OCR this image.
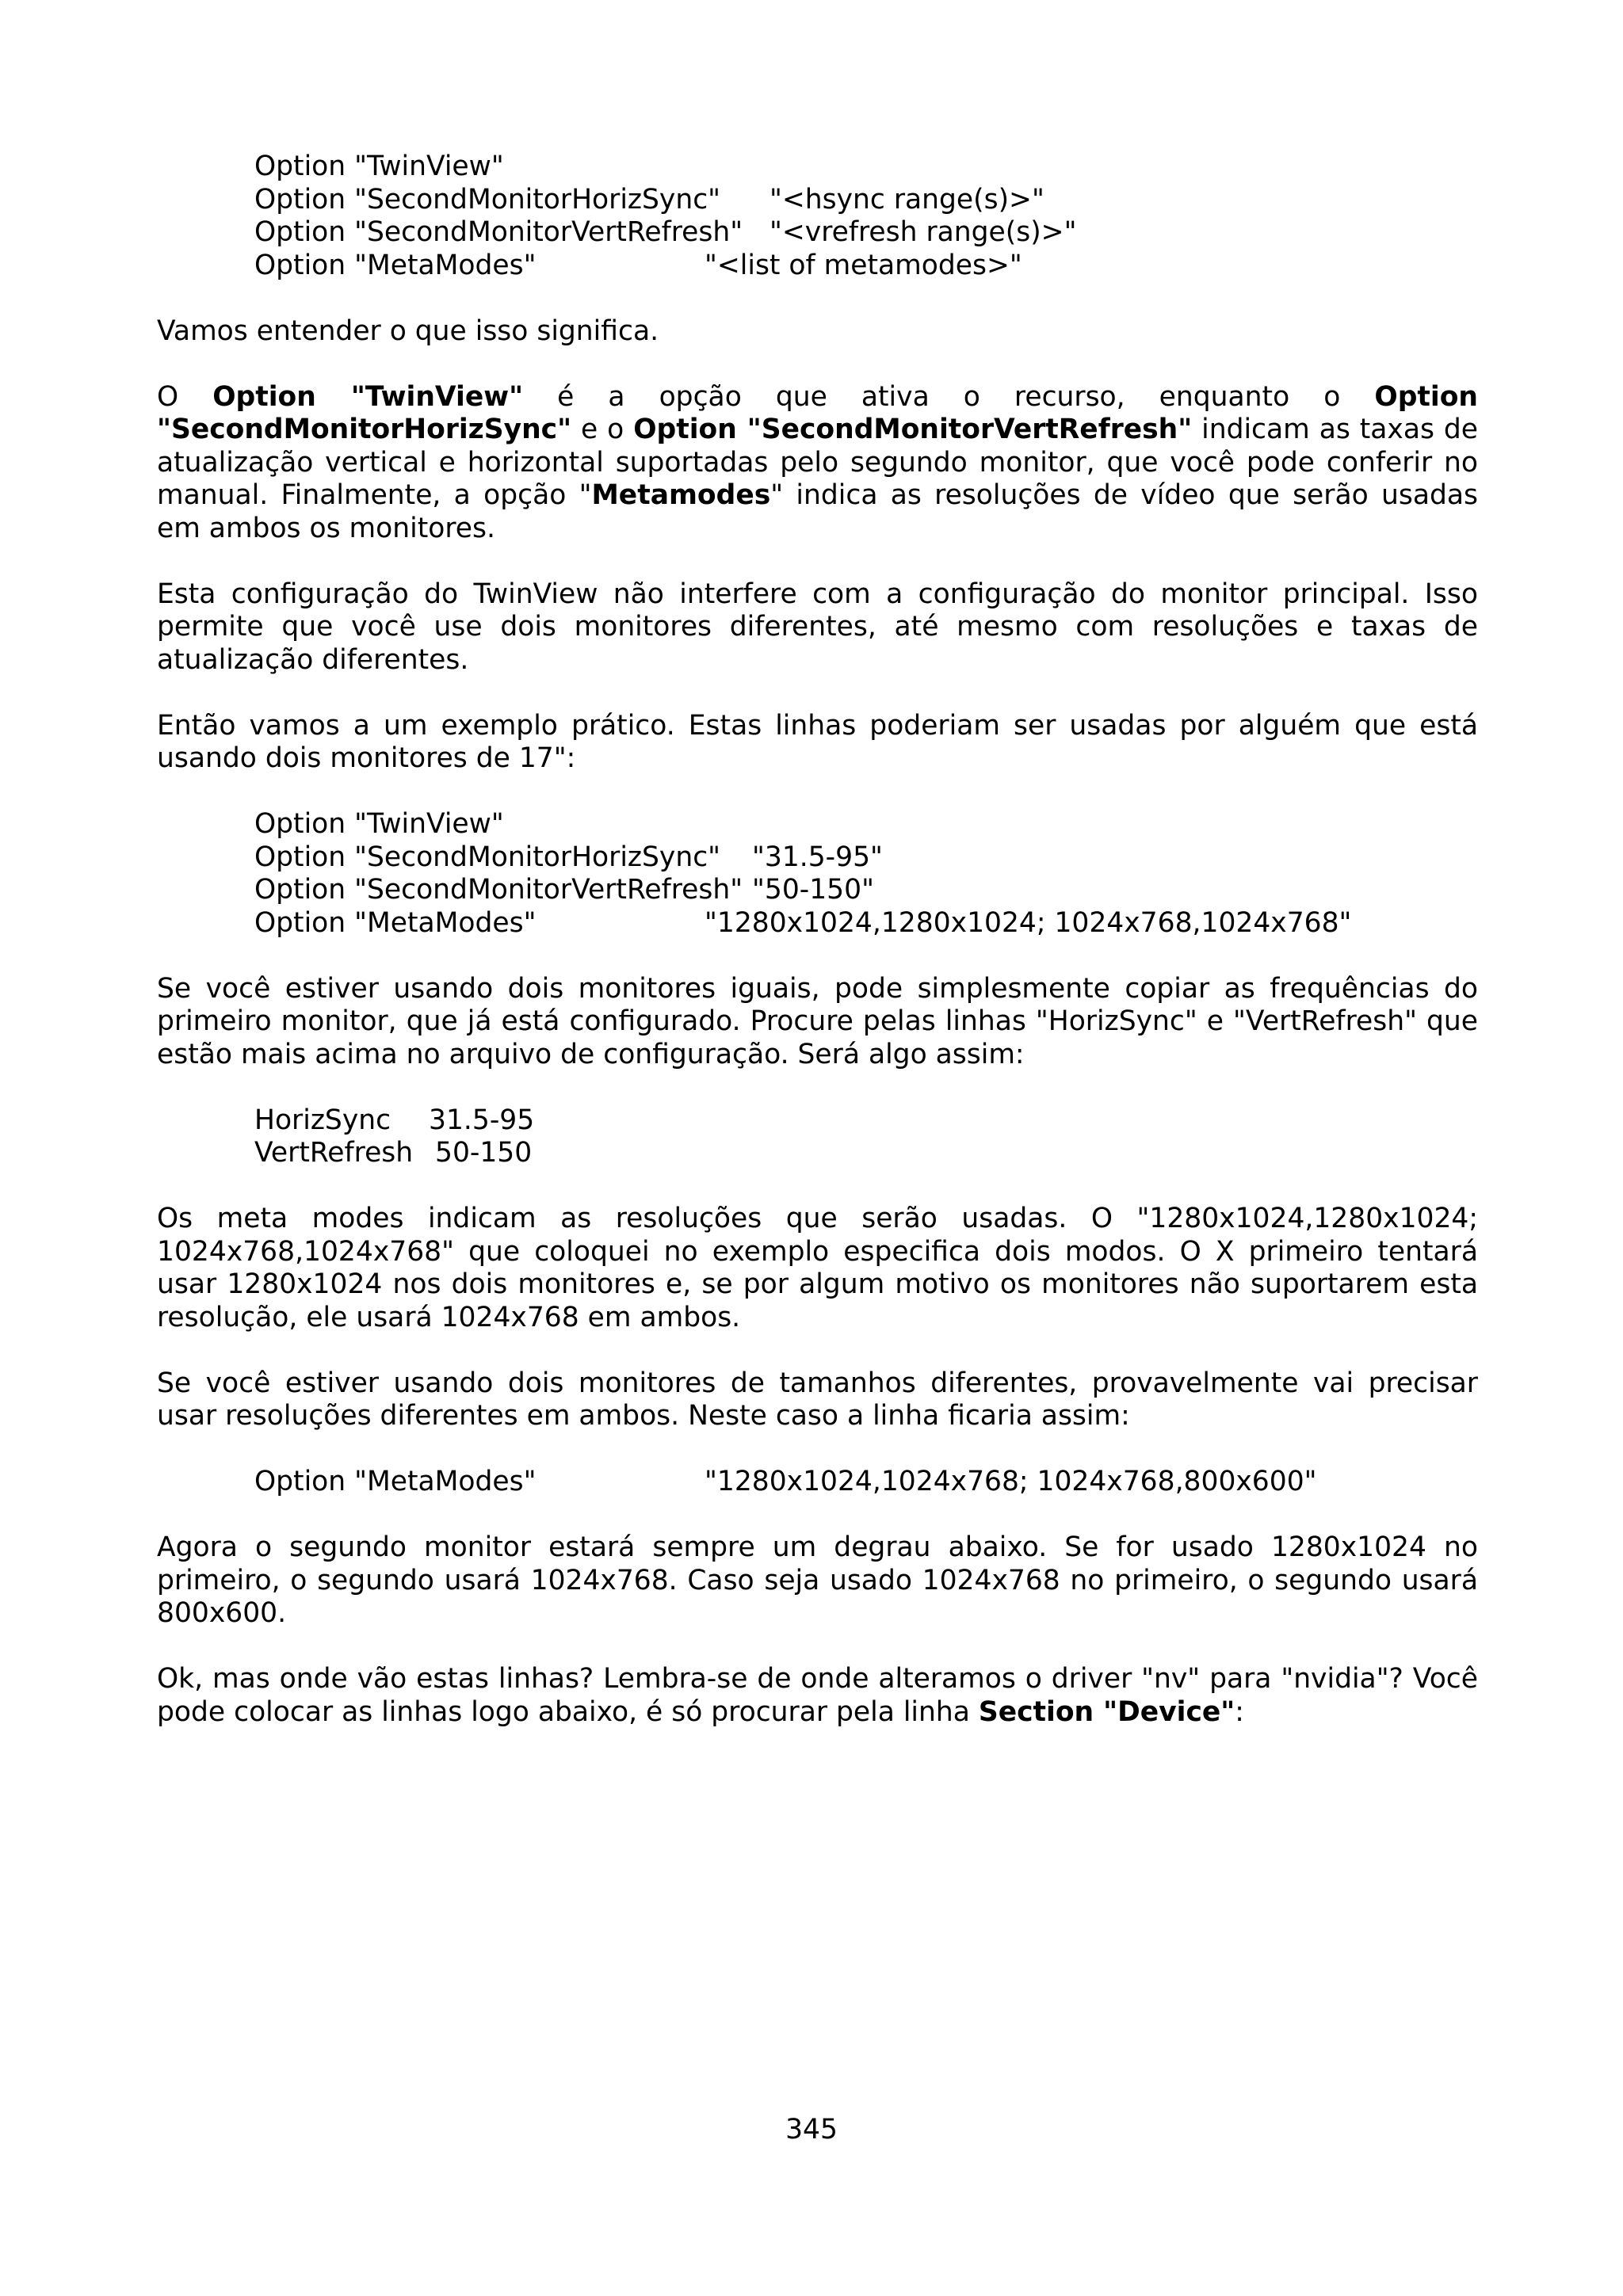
Option "TwinView"
Option "SecondMonitorHorizSync"	"<hsync range(s)>"
Option "SecondMonitorVertRefresh" "<vrefresh range(s)>"
Option "MetaModes"	"<list of metamodes>"

Vamos entender o que isso significa.

O Option "TwinView" é a opção que ativa o recurso, enquanto o Option "SecondMonitorHorizSync" e o Option "SecondMonitorVertRefresh" indicam as taxas de atualização vertical e horizontal suportadas pelo segundo monitor, que você pode conferir no manual. Finalmente, a opção "Metamodes" indica as resoluções de vídeo que serão usadas em ambos os monitores.

Esta configuração do TwinView não interfere com a configuração do monitor principal. Isso permite que você use dois monitores diferentes, até mesmo com resoluções e taxas de atualização diferentes.

Então vamos a um exemplo prático. Estas linhas poderiam ser usadas por alguém que está usando dois monitores de 17":

Option "TwinView"
Option "SecondMonitorHorizSync"	"31.5-95"
Option "SecondMonitorVertRefresh" "50-150"
Option "MetaModes"	"1280x1024,1280x1024; 1024x768,1024x768"

Se você estiver usando dois monitores iguais, pode simplesmente copiar as frequências do primeiro monitor, que já está configurado. Procure pelas linhas "HorizSync" e "VertRefresh" que estão mais acima no arquivo de configuração. Será algo assim:

HorizSync	31.5-95
VertRefresh 50-150

Os meta modes indicam as resoluções que serão usadas. O "1280x1024,1280x1024; 1024x768,1024x768" que coloquei no exemplo especifica dois modos. O X primeiro tentará usar 1280x1024 nos dois monitores e, se por algum motivo os monitores não suportarem esta resolução, ele usará 1024x768 em ambos.

Se você estiver usando dois monitores de tamanhos diferentes, provavelmente vai precisar usar resoluções diferentes em ambos. Neste caso a linha ficaria assim:

Option "MetaModes"	"1280x1024,1024x768; 1024x768,800x600"

Agora o segundo monitor estará sempre um degrau abaixo. Se for usado 1280x1024 no primeiro, o segundo usará 1024x768. Caso seja usado 1024x768 no primeiro, o segundo usará 800x600.

Ok, mas onde vão estas linhas? Lembra-se de onde alteramos o driver "nv" para "nvidia"? Você pode colocar as linhas logo abaixo, é só procurar pela linha Section "Device":

345
